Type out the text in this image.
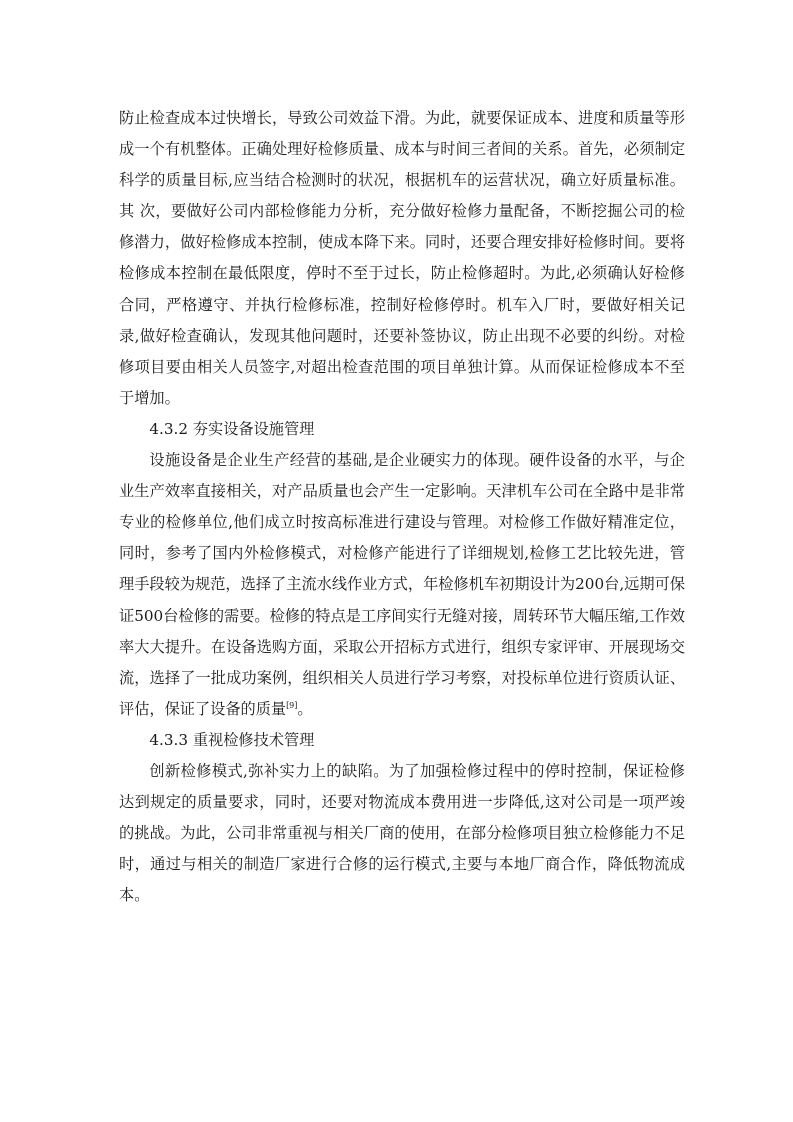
防止检查成本过快增长，导致公司效益下滑。为此，就要保证成本、进度和质量等形成一个有机整体。正确处理好检修质量、成本与时间三者间的关系。首先，必须制定科学的质量目标,应当结合检测时的状况，根据机车的运营状况，确立好质量标准。其 次，要做好公司内部检修能力分析，充分做好检修力量配备，不断挖掘公司的检修潜力，做好检修成本控制，使成本降下来。同时，还要合理安排好检修时间。要将检修成本控制在最低限度，停时不至于过长，防止检修超时。为此,必须确认好检修合同，严格遵守、并执行检修标准，控制好检修停时。机车入厂时，要做好相关记录,做好检查确认，发现其他问题时，还要补签协议，防止出现不必要的纠纷。对检修项目要由相关人员签字,对超出检查范围的项目单独计算。从而保证检修成本不至于增加。

4.3.2 夯实设备设施管理

设施设备是企业生产经营的基础,是企业硬实力的体现。硬件设备的水平，与企业生产效率直接相关，对产品质量也会产生一定影响。天津机车公司在全路中是非常专业的检修单位,他们成立时按高标准进行建设与管理。对检修工作做好精准定位，同时，参考了国内外检修模式，对检修产能进行了详细规划,检修工艺比较先进，管理手段较为规范，选择了主流水线作业方式，年检修机车初期设计为200台,远期可保证500台检修的需要。检修的特点是工序间实行无缝对接，周转环节大幅压缩,工作效率大大提升。在设备选购方面，采取公开招标方式进行，组织专家评审、开展现场交流，选择了一批成功案例，组织相关人员进行学习考察，对投标单位进行资质认证、评估，保证了设备的质量[9]。

4.3.3 重视检修技术管理

创新检修模式,弥补实力上的缺陷。为了加强检修过程中的停时控制，保证检修达到规定的质量要求，同时，还要对物流成本费用进一步降低,这对公司是一项严竣的挑战。为此，公司非常重视与相关厂商的使用，在部分检修项目独立检修能力不足时，通过与相关的制造厂家进行合修的运行模式,主要与本地厂商合作，降低物流成本。
